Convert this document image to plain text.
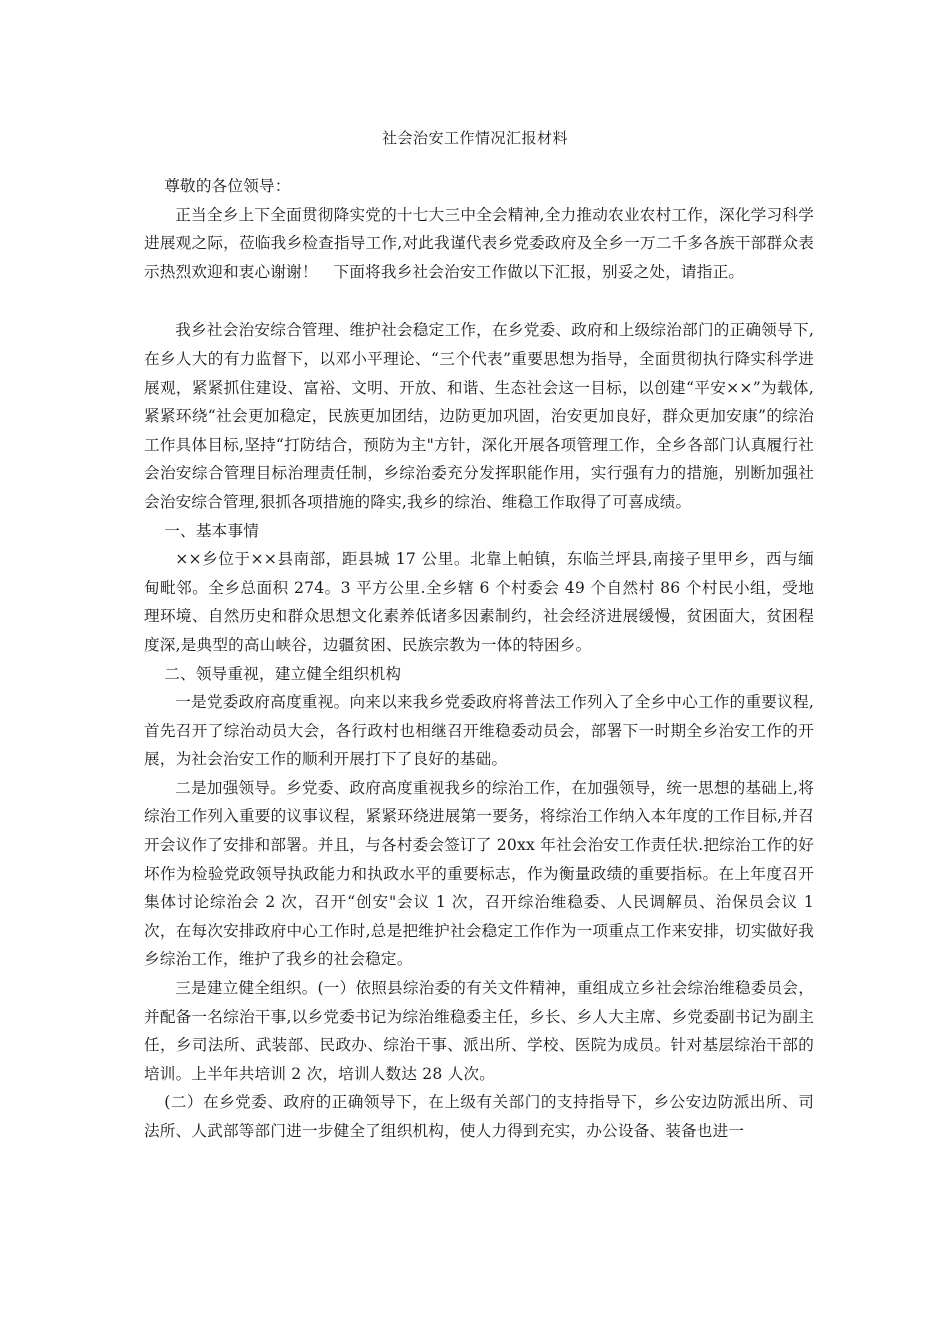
社会治安工作情况汇报材料

尊敬的各位领导：

正当全乡上下全面贯彻降实党的十七大三中全会精神,全力推动农业农村工作，深化学习科学进展观之际，莅临我乡检查指导工作,对此我谨代表乡党委政府及全乡一万二千多各族干部群众表示热烈欢迎和衷心谢谢！　下面将我乡社会治安工作做以下汇报，别妥之处，请指正。

我乡社会治安综合管理、维护社会稳定工作，在乡党委、政府和上级综治部门的正确领导下,在乡人大的有力监督下，以邓小平理论、“三个代表”重要思想为指导，全面贯彻执行降实科学进展观，紧紧抓住建设、富裕、文明、开放、和谐、生态社会这一目标，以创建“平安××”为载体,紧紧环绕“社会更加稳定，民族更加团结，边防更加巩固，治安更加良好，群众更加安康”的综治工作具体目标,坚持“打防结合，预防为主"方针，深化开展各项管理工作，全乡各部门认真履行社会治安综合管理目标治理责任制，乡综治委充分发挥职能作用，实行强有力的措施，别断加强社会治安综合管理,狠抓各项措施的降实,我乡的综治、维稳工作取得了可喜成绩。

一、基本事情

××乡位于××县南部，距县城 17 公里。北靠上帕镇，东临兰坪县,南接子里甲乡，西与缅甸毗邻。全乡总面积 274。3 平方公里.全乡辖 6 个村委会 49 个自然村 86 个村民小组，受地理环境、自然历史和群众思想文化素养低诸多因素制约，社会经济进展缓慢，贫困面大，贫困程度深,是典型的高山峡谷，边疆贫困、民族宗教为一体的特困乡。

二、领导重视，建立健全组织机构

一是党委政府高度重视。向来以来我乡党委政府将普法工作列入了全乡中心工作的重要议程,首先召开了综治动员大会，各行政村也相继召开维稳委动员会，部署下一时期全乡治安工作的开展，为社会治安工作的顺利开展打下了良好的基础。

二是加强领导。乡党委、政府高度重视我乡的综治工作，在加强领导，统一思想的基础上,将综治工作列入重要的议事议程，紧紧环绕进展第一要务，将综治工作纳入本年度的工作目标,并召开会议作了安排和部署。并且，与各村委会签订了 20xx 年社会治安工作责任状.把综治工作的好坏作为检验党政领导执政能力和执政水平的重要标志，作为衡量政绩的重要指标。在上年度召开集体讨论综治会 2 次，召开“创安"会议 1 次，召开综治维稳委、人民调解员、治保员会议 1 次，在每次安排政府中心工作时,总是把维护社会稳定工作作为一项重点工作来安排，切实做好我乡综治工作，维护了我乡的社会稳定。

三是建立健全组织。(一）依照县综治委的有关文件精神，重组成立乡社会综治维稳委员会，并配备一名综治干事,以乡党委书记为综治维稳委主任，乡长、乡人大主席、乡党委副书记为副主任，乡司法所、武装部、民政办、综治干事、派出所、学校、医院为成员。针对基层综治干部的培训。上半年共培训 2 次，培训人数达 28 人次。

(二）在乡党委、政府的正确领导下，在上级有关部门的支持指导下，乡公安边防派出所、司法所、人武部等部门进一步健全了组织机构，使人力得到充实，办公设备、装备也进一
